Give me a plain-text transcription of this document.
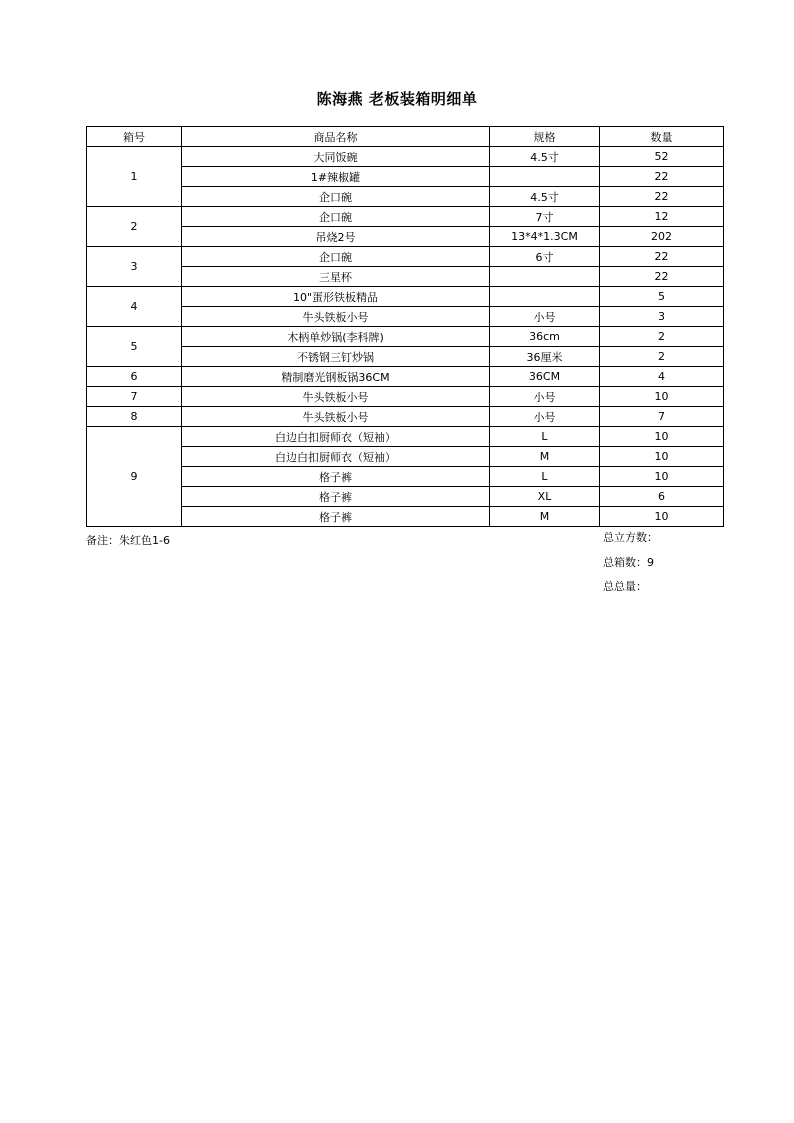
陈海燕 老板装箱明细单
箱号	商品名称	规格	数量
1	大同饭碗	4.5寸	52
	1#辣椒罐		22
	企口碗	4.5寸	22
2	企口碗	7寸	12
	吊烧2号	13*4*1.3CM	202
3	企口碗	6寸	22
	三星杯		22
4	10"蛋形铁板精品		5
	牛头铁板小号	小号	3
5	木柄单炒锅(李科牌)	36cm	2
	不锈钢三钉炒锅	36厘米	2
6	精制磨光钢板锅36CM	36CM	4
7	牛头铁板小号	小号	10
8	牛头铁板小号	小号	7
9	白边白扣厨师衣（短袖）	L	10
	白边白扣厨师衣（短袖）	M	10
	格子裤	L	10
	格子裤	XL	6
	格子裤	M	10
备注：朱红色1-6	总立方数：
总箱数：9
总总量：
